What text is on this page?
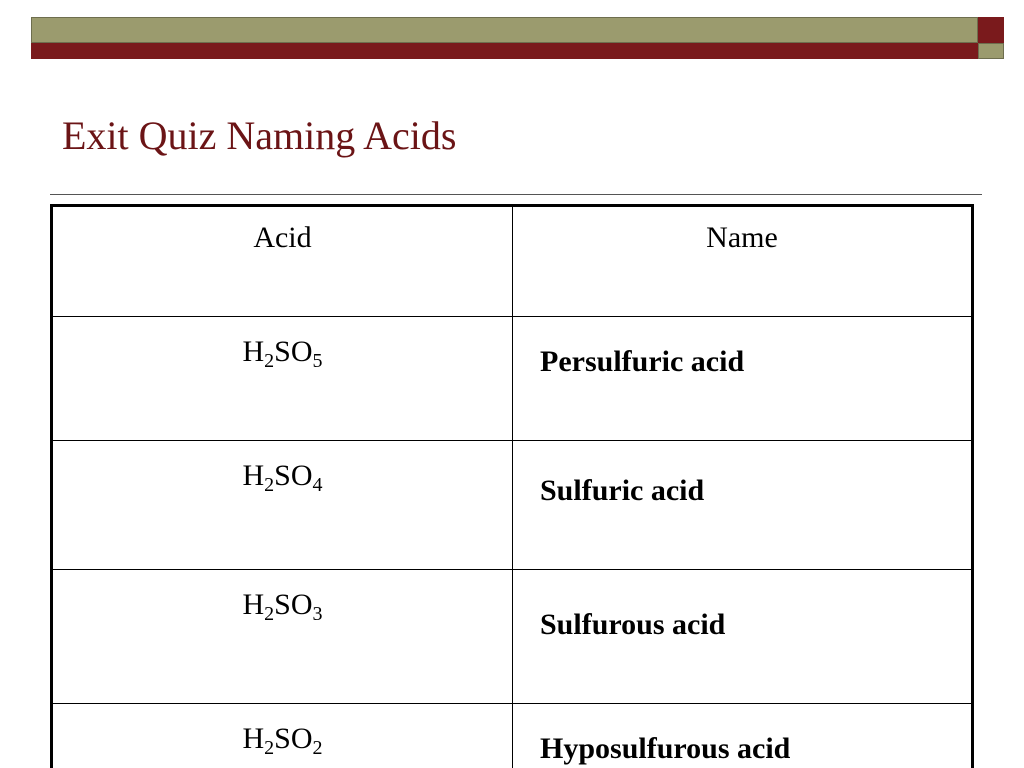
Exit Quiz Naming Acids
Acid	Name
$H_2SO_5$	Persulfuric acid
$H_2SO_4$	Sulfuric acid
$H_2SO_3$	Sulfurous acid
$H_2SO_2$	Hyposulfurous acid
